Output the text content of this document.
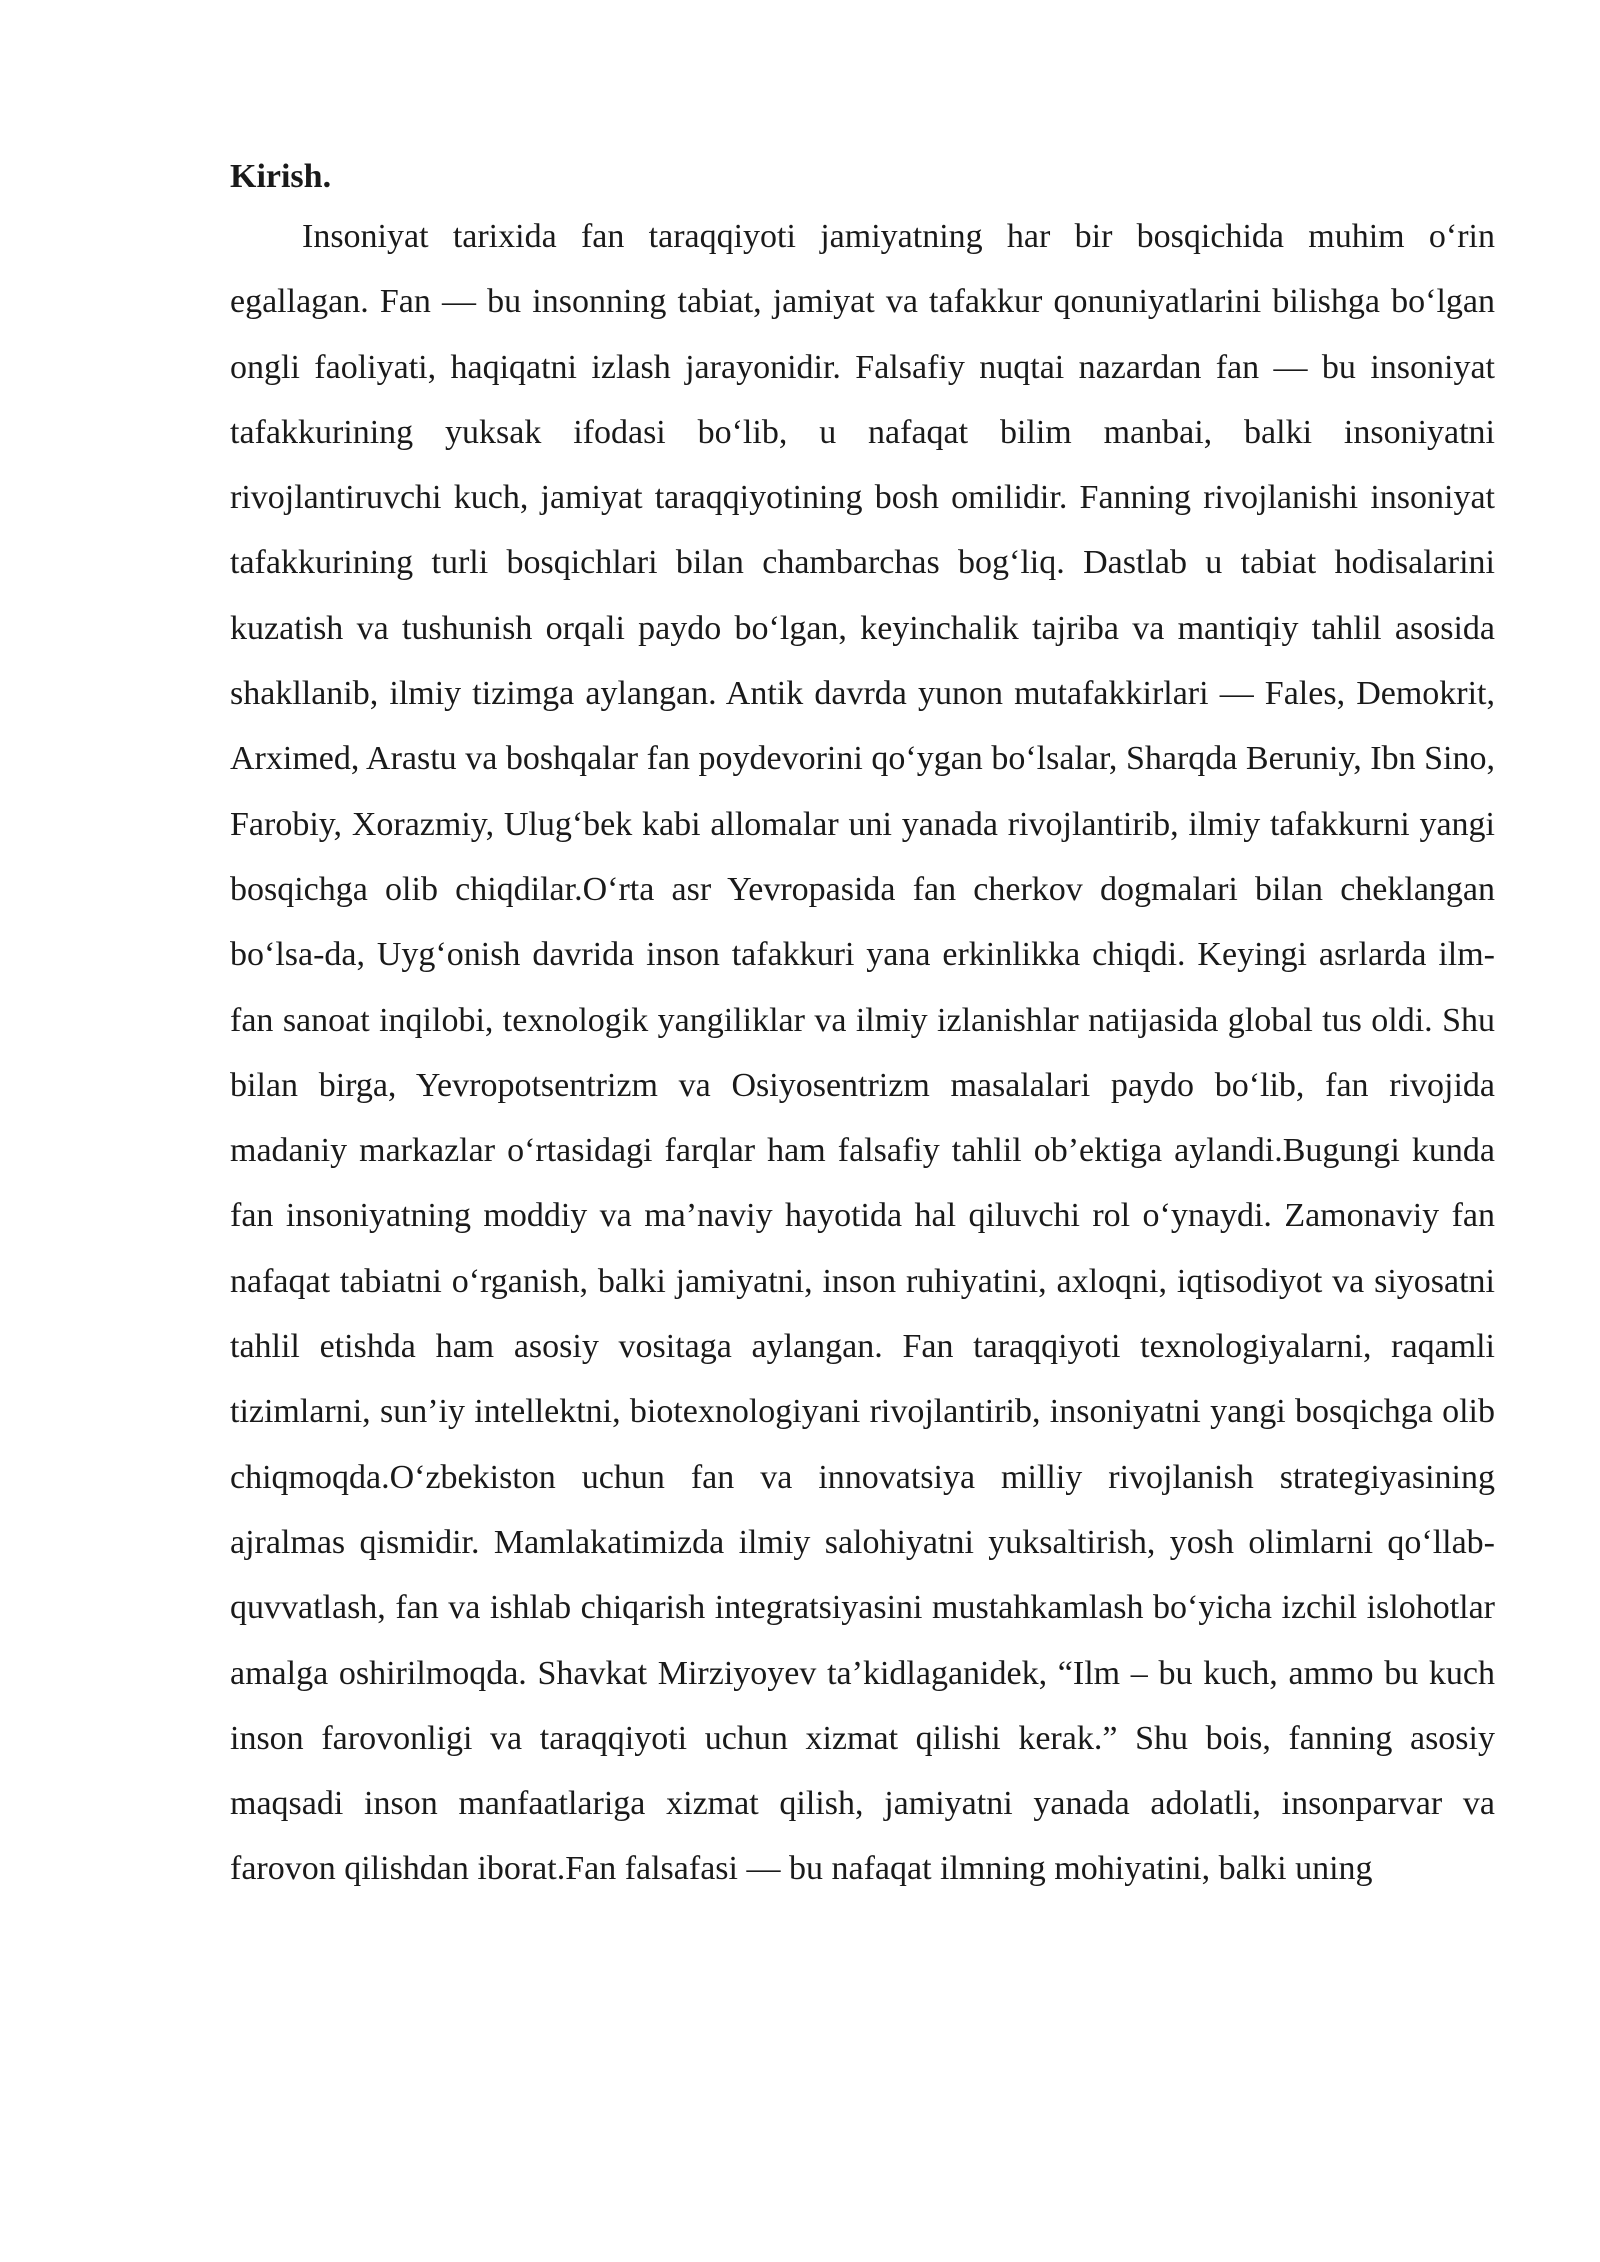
Kirish.

Insoniyat tarixida fan taraqqiyoti jamiyatning har bir bosqichida muhim o‘rin egallagan. Fan — bu insonning tabiat, jamiyat va tafakkur qonuniyatlarini bilishga bo‘lgan ongli faoliyati, haqiqatni izlash jarayonidir. Falsafiy nuqtai nazardan fan — bu insoniyat tafakkurining yuksak ifodasi bo‘lib, u nafaqat bilim manbai, balki insoniyatni rivojlantiruvchi kuch, jamiyat taraqqiyotining bosh omilidir. Fanning rivojlanishi insoniyat tafakkurining turli bosqichlari bilan chambarchas bog‘liq. Dastlab u tabiat hodisalarini kuzatish va tushunish orqali paydo bo‘lgan, keyinchalik tajriba va mantiqiy tahlil asosida shakllanib, ilmiy tizimga aylangan. Antik davrda yunon mutafakkirlari — Fales, Demokrit, Arximed, Arastu va boshqalar fan poydevorini qo‘ygan bo‘lsalar, Sharqda Beruniy, Ibn Sino, Farobiy, Xorazmiy, Ulug‘bek kabi allomalar uni yanada rivojlantirib, ilmiy tafakkurni yangi bosqichga olib chiqdilar.O‘rta asr Yevropasida fan cherkov dogmalari bilan cheklangan bo‘lsa-da, Uyg‘onish davrida inson tafakkuri yana erkinlikka chiqdi. Keyingi asrlarda ilm-fan sanoat inqilobi, texnologik yangiliklar va ilmiy izlanishlar natijasida global tus oldi. Shu bilan birga, Yevropotsentrizm va Osiyosentrizm masalalari paydo bo‘lib, fan rivojida madaniy markazlar o‘rtasidagi farqlar ham falsafiy tahlil ob’ektiga aylandi.Bugungi kunda fan insoniyatning moddiy va ma’naviy hayotida hal qiluvchi rol o‘ynaydi. Zamonaviy fan nafaqat tabiatni o‘rganish, balki jamiyatni, inson ruhiyatini, axloqni, iqtisodiyot va siyosatni tahlil etishda ham asosiy vositaga aylangan. Fan taraqqiyoti texnologiyalarni, raqamli tizimlarni, sun’iy intellektni, biotexnologiyani rivojlantirib, insoniyatni yangi bosqichga olib chiqmoqda.O‘zbekiston uchun fan va innovatsiya milliy rivojlanish strategiyasining ajralmas qismidir. Mamlakatimizda ilmiy salohiyatni yuksaltirish, yosh olimlarni qo‘llab-quvvatlash, fan va ishlab chiqarish integratsiyasini mustahkamlash bo‘yicha izchil islohotlar amalga oshirilmoqda. Shavkat Mirziyoyev ta’kidlaganidek, “Ilm – bu kuch, ammo bu kuch inson farovonligi va taraqqiyoti uchun xizmat qilishi kerak.” Shu bois, fanning asosiy maqsadi inson manfaatlariga xizmat qilish, jamiyatni yanada adolatli, insonparvar va farovon qilishdan iborat.Fan falsafasi — bu nafaqat ilmning mohiyatini, balki uning
